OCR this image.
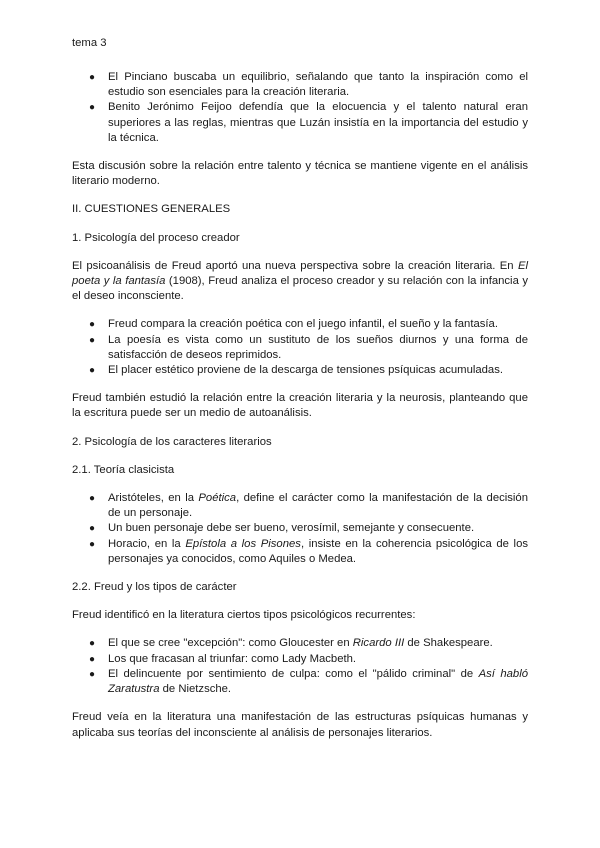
tema 3
● El Pinciano buscaba un equilibrio, señalando que tanto la inspiración como el estudio son esenciales para la creación literaria.
● Benito Jerónimo Feijoo defendía que la elocuencia y el talento natural eran superiores a las reglas, mientras que Luzán insistía en la importancia del estudio y la técnica.

Esta discusión sobre la relación entre talento y técnica se mantiene vigente en el análisis literario moderno.

II. CUESTIONES GENERALES

1. Psicología del proceso creador

El psicoanálisis de Freud aportó una nueva perspectiva sobre la creación literaria. En El poeta y la fantasía (1908), Freud analiza el proceso creador y su relación con la infancia y el deseo inconsciente.

● Freud compara la creación poética con el juego infantil, el sueño y la fantasía.
● La poesía es vista como un sustituto de los sueños diurnos y una forma de satisfacción de deseos reprimidos.
● El placer estético proviene de la descarga de tensiones psíquicas acumuladas.

Freud también estudió la relación entre la creación literaria y la neurosis, planteando que la escritura puede ser un medio de autoanálisis.

2. Psicología de los caracteres literarios

2.1. Teoría clasicista

● Aristóteles, en la Poética, define el carácter como la manifestación de la decisión de un personaje.
● Un buen personaje debe ser bueno, verosímil, semejante y consecuente.
● Horacio, en la Epístola a los Pisones, insiste en la coherencia psicológica de los personajes ya conocidos, como Aquiles o Medea.

2.2. Freud y los tipos de carácter

Freud identificó en la literatura ciertos tipos psicológicos recurrentes:

● El que se cree "excepción": como Gloucester en Ricardo III de Shakespeare.
● Los que fracasan al triunfar: como Lady Macbeth.
● El delincuente por sentimiento de culpa: como el "pálido criminal" de Así habló Zaratustra de Nietzsche.

Freud veía en la literatura una manifestación de las estructuras psíquicas humanas y aplicaba sus teorías del inconsciente al análisis de personajes literarios.
